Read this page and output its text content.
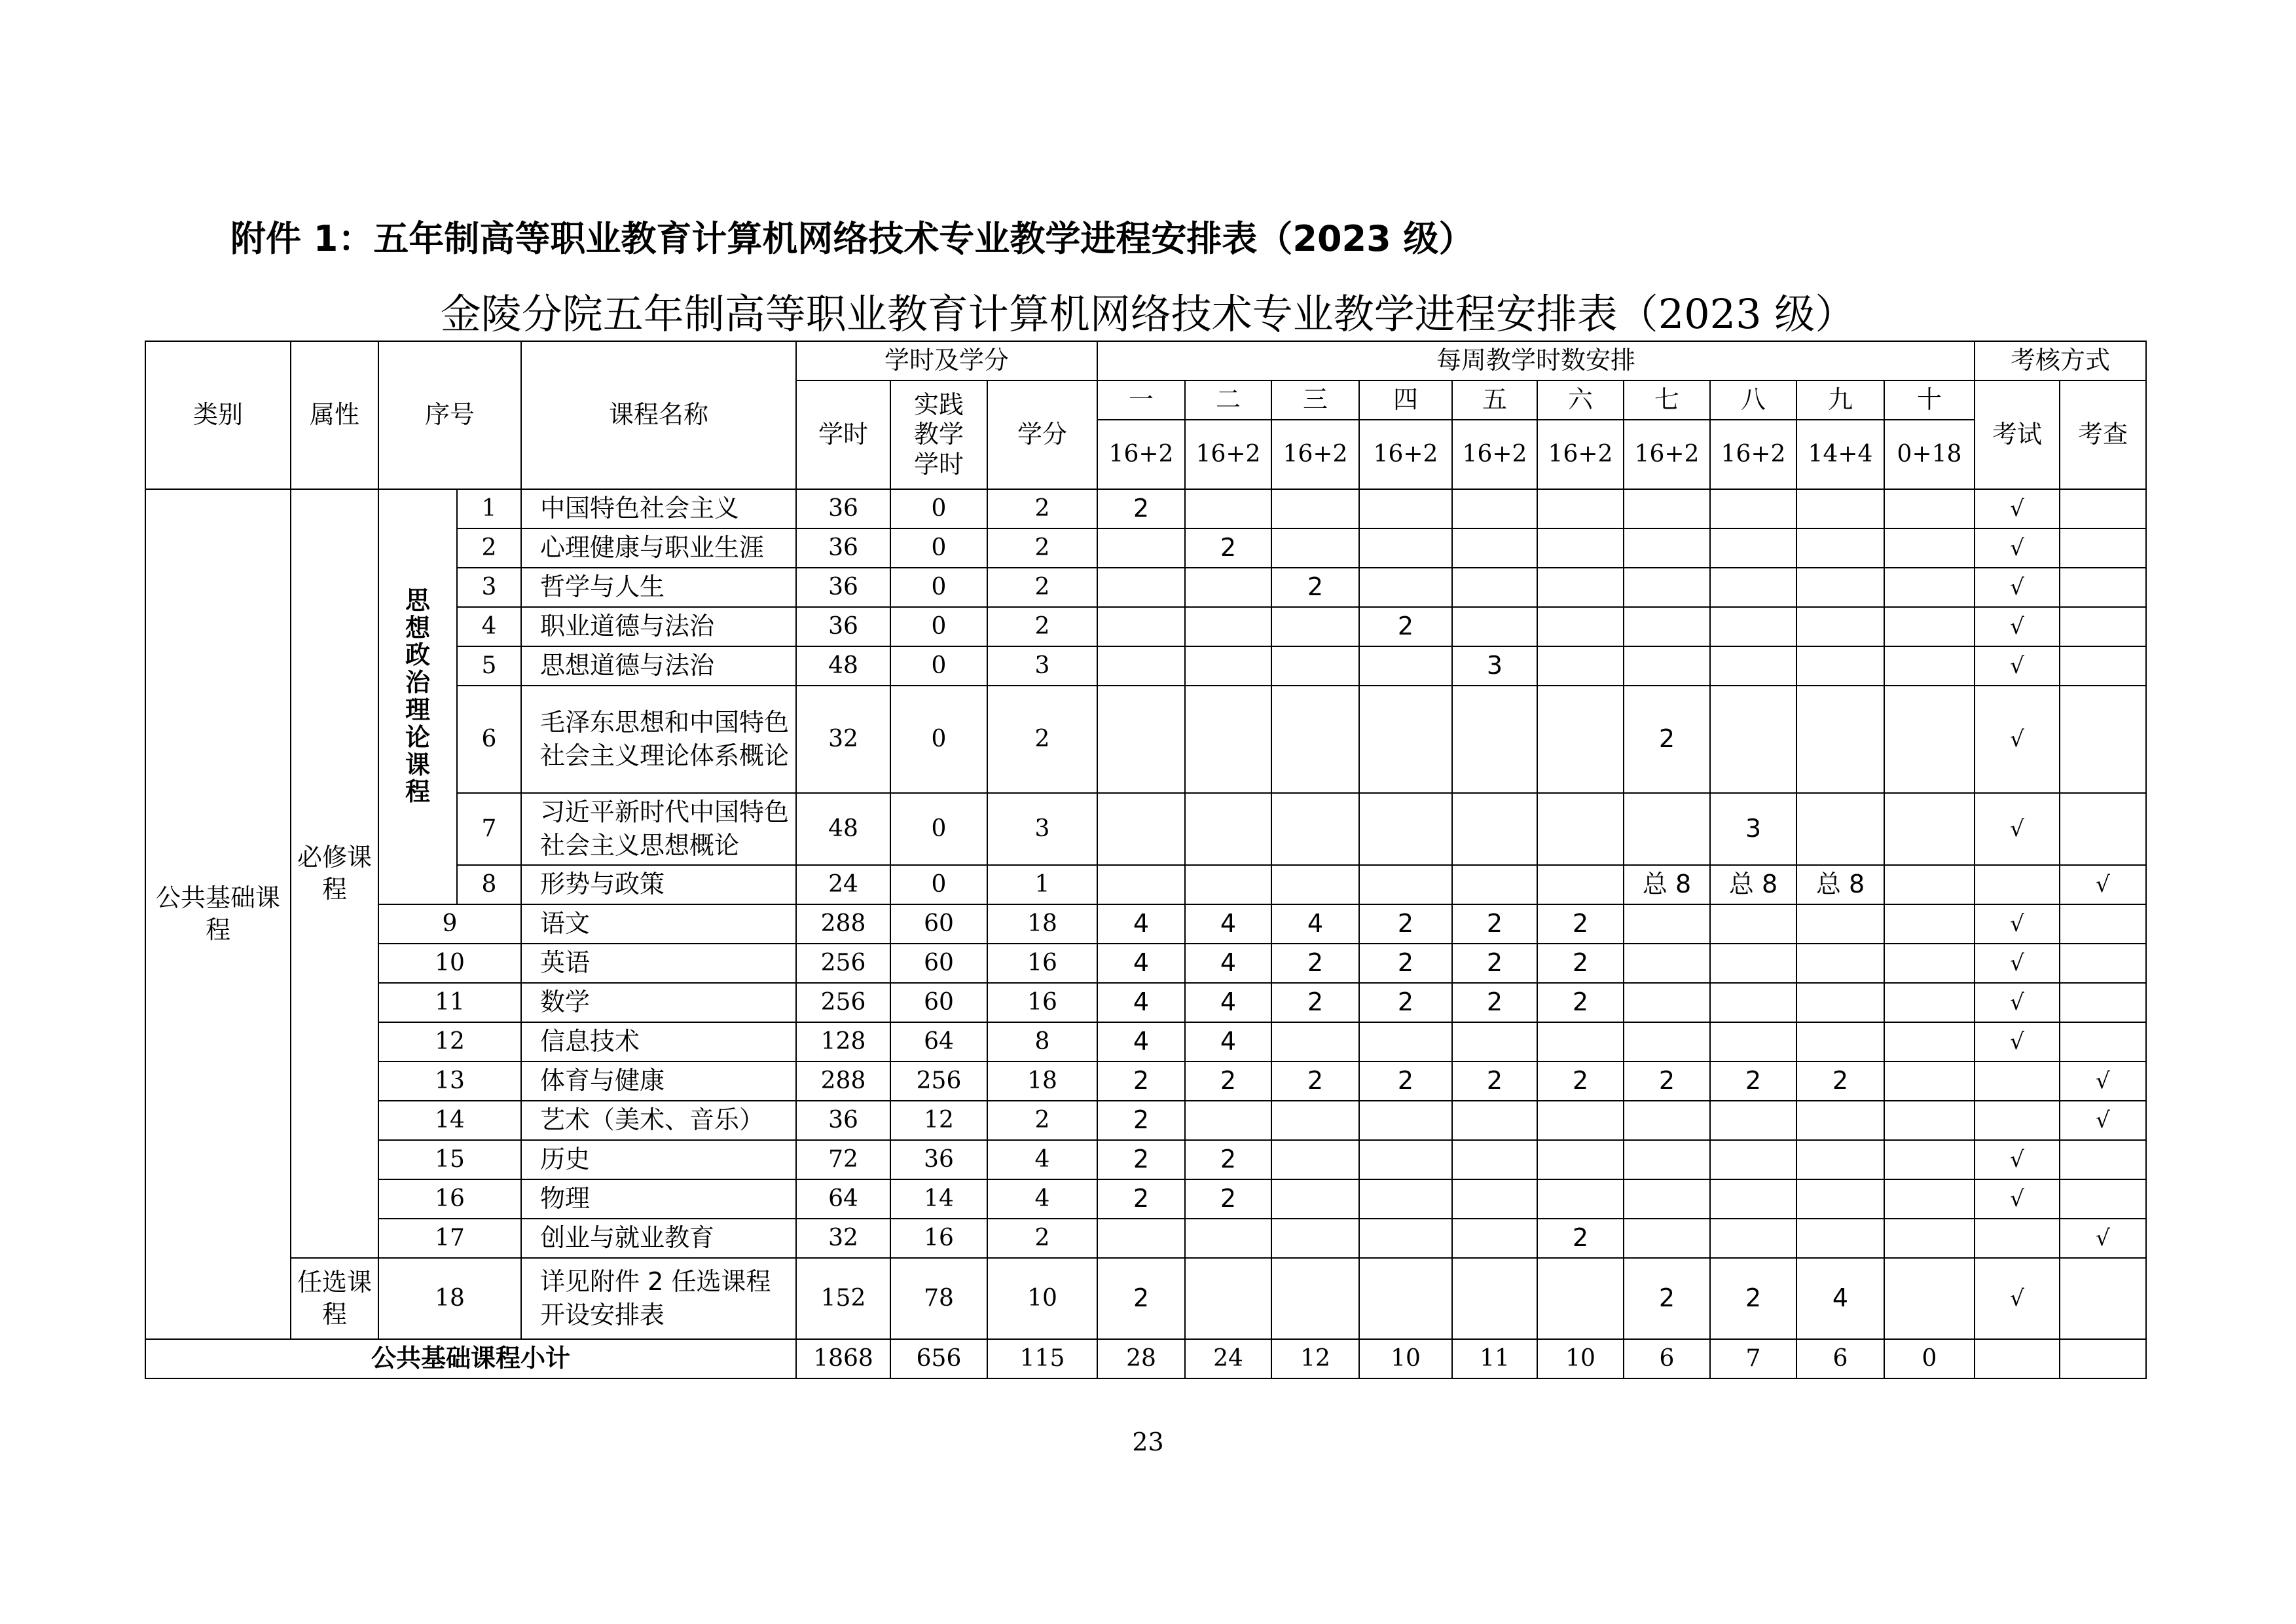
附件 1：五年制高等职业教育计算机网络技术专业教学进程安排表（2023 级）
金陵分院五年制高等职业教育计算机网络技术专业教学进程安排表（2023 级）
类别	属性	序号		课程名称	学时及学分			每周教学时数安排										考核方式	
					学时	实践教学学时	学分	一	二	三	四	五	六	七	八	九	十	考试	考查
								16+2	16+2	16+2	16+2	16+2	16+2	16+2	16+2	14+4	0+18		
公共基础课程	必修课程	思想政治理论课程	1	中国特色社会主义	36	0	2	2										√	
			2	心理健康与职业生涯	36	0	2		2									√	
			3	哲学与人生	36	0	2			2								√	
			4	职业道德与法治	36	0	2				2							√	
			5	思想道德与法治	48	0	3					3						√	
			6	毛泽东思想和中国特色社会主义理论体系概论	32	0	2							2				√	
			7	习近平新时代中国特色社会主义思想概论	48	0	3								3			√	
			8	形势与政策	24	0	1							总 8	总 8	总 8			√
		9		语文	288	60	18	4	4	4	2	2	2					√	
		10		英语	256	60	16	4	4	2	2	2	2					√	
		11		数学	256	60	16	4	4	2	2	2	2					√	
		12		信息技术	128	64	8	4	4									√	
		13		体育与健康	288	256	18	2	2	2	2	2	2	2	2	2			√
		14		艺术（美术、音乐）	36	12	2	2											√
		15		历史	72	36	4	2	2									√	
		16		物理	64	14	4	2	2									√	
		17		创业与就业教育	32	16	2						2						√
	任选课程	18		详见附件 2 任选课程开设安排表	152	78	10	2						2	2	4		√	
公共基础课程小计					1868	656	115	28	24	12	10	11	10	6	7	6	0		
23
